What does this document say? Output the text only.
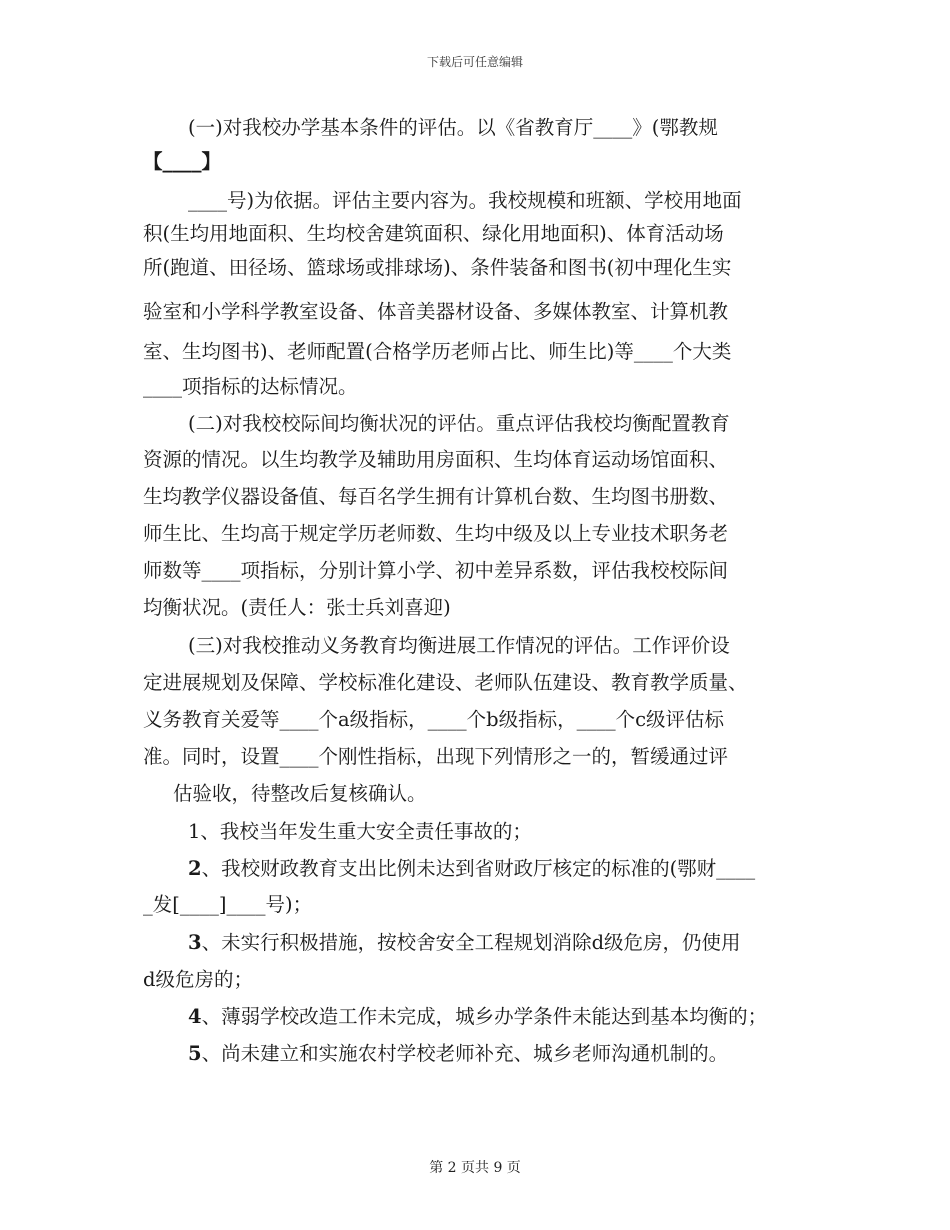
下载后可任意编辑
(一)对我校办学基本条件的评估。以《省教育厅____》(鄂教规
【____】
____号)为依据。评估主要内容为。我校规模和班额、学校用地面
积(生均用地面积、生均校舍建筑面积、绿化用地面积)、体育活动场
所(跑道、田径场、篮球场或排球场)、条件装备和图书(初中理化生实
验室和小学科学教室设备、体音美器材设备、多媒体教室、计算机教
室、生均图书)、老师配置(合格学历老师占比、师生比)等____个大类
____项指标的达标情况。
(二)对我校校际间均衡状况的评估。重点评估我校均衡配置教育
资源的情况。以生均教学及辅助用房面积、生均体育运动场馆面积、
生均教学仪器设备值、每百名学生拥有计算机台数、生均图书册数、
师生比、生均高于规定学历老师数、生均中级及以上专业技术职务老
师数等____项指标，分别计算小学、初中差异系数，评估我校校际间
均衡状况。(责任人：张士兵刘喜迎)
(三)对我校推动义务教育均衡进展工作情况的评估。工作评价设
定进展规划及保障、学校标准化建设、老师队伍建设、教育教学质量、
义务教育关爱等____个a级指标，____个b级指标，____个c级评估标
准。同时，设置____个刚性指标，出现下列情形之一的，暂缓通过评
估验收，待整改后复核确认。
1、我校当年发生重大安全责任事故的；
2、我校财政教育支出比例未达到省财政厅核定的标准的(鄂财____
_发[____]____号)；
3、未实行积极措施，按校舍安全工程规划消除d级危房，仍使用
d级危房的；
4、薄弱学校改造工作未完成，城乡办学条件未能达到基本均衡的；
5、尚未建立和实施农村学校老师补充、城乡老师沟通机制的。
第 2 页共 9 页
